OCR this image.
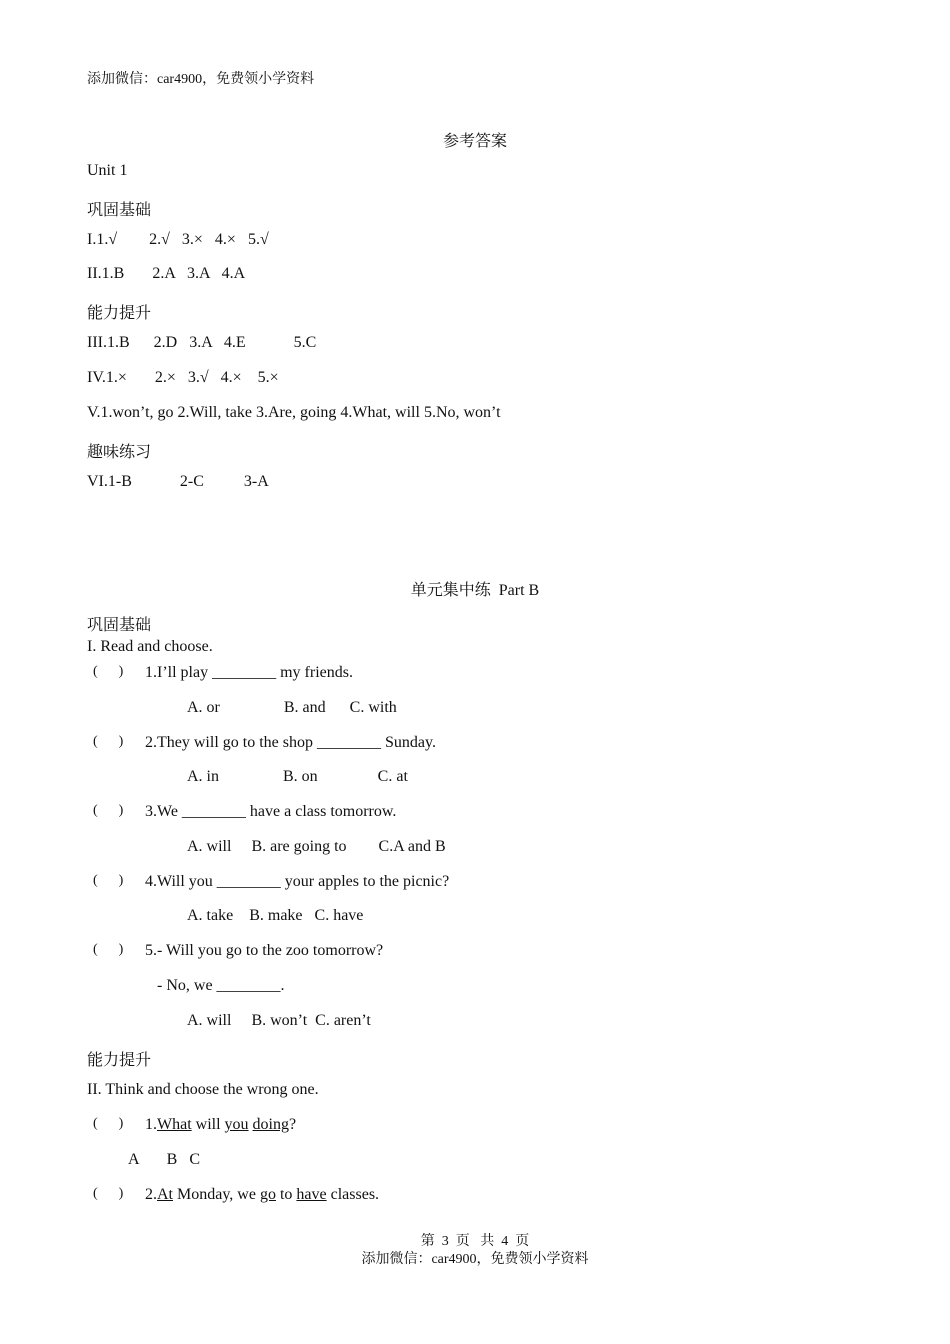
添加微信：car4900，免费领小学资料
参考答案
Unit 1
巩固基础
I.1.√        2.√   3.×   4.×   5.√
II.1.B       2.A   3.A   4.A
能力提升
III.1.B      2.D   3.A   4.E            5.C
IV.1.×       2.×   3.√   4.×    5.×
V.1.won’t, go 2.Will, take 3.Are, going 4.What, will 5.No, won’t
趣味练习
VI.1-B            2-C          3-A
单元集中练  Part B
巩固基础
I. Read and choose.
(      ) 1.I’ll play ________ my friends.
A. or                B. and      C. with
(      ) 2.They will go to the shop ________ Sunday.
A. in                B. on               C. at
(      ) 3.We ________ have a class tomorrow.
A. will     B. are going to        C.A and B
(      ) 4.Will you ________ your apples to the picnic?
A. take    B. make   C. have
(      ) 5.- Will you go to the zoo tomorrow?
- No, we ________.
A. will     B. won’t  C. aren’t
能力提升
II. Think and choose the wrong one.
(      ) 1.What will you doing?
A       B   C
(      ) 2.At Monday, we go to have classes.
第  3  页   共  4  页
添加微信：car4900，免费领小学资料
